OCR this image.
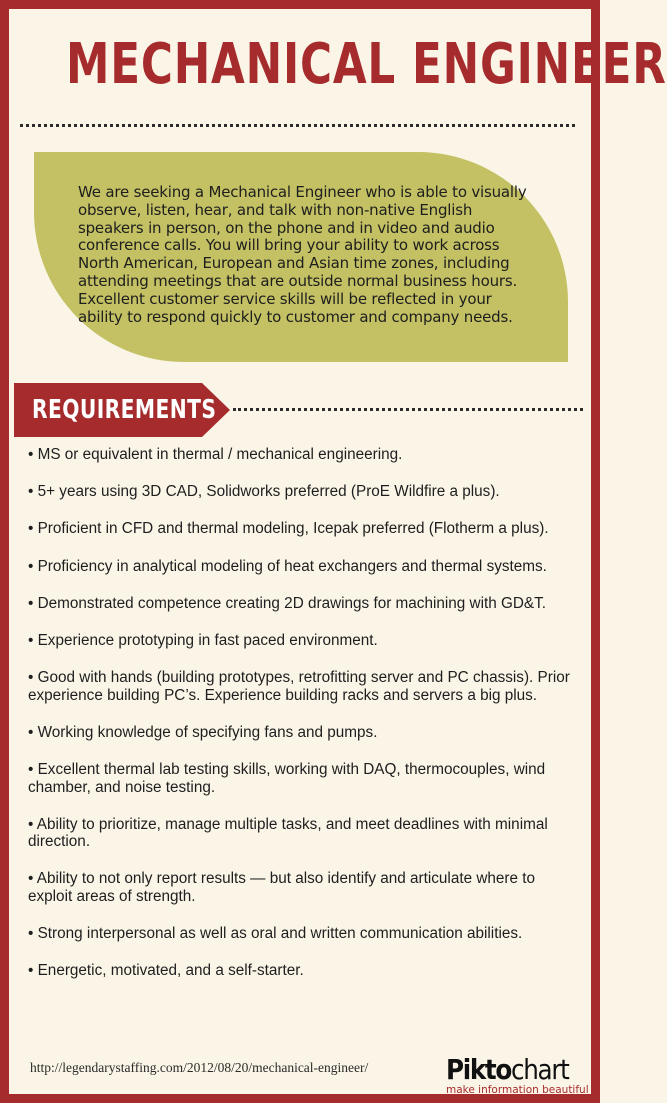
MECHANICAL ENGINEER
We are seeking a Mechanical Engineer who is able to visually observe, listen, hear, and talk with non-native English speakers in person, on the phone and in video and audio conference calls. You will bring your ability to work across North American, European and Asian time zones, including attending meetings that are outside normal business hours. Excellent customer service skills will be reflected in your ability to respond quickly to customer and company needs.
REQUIREMENTS
• MS or equivalent in thermal / mechanical engineering.
• 5+ years using 3D CAD, Solidworks preferred (ProE Wildfire a plus).
• Proficient in CFD and thermal modeling, Icepak preferred (Flotherm a plus).
• Proficiency in analytical modeling of heat exchangers and thermal systems.
• Demonstrated competence creating 2D drawings for machining with GD&T.
• Experience prototyping in fast paced environment.
• Good with hands (building prototypes, retrofitting server and PC chassis). Prior experience building PC’s. Experience building racks and servers a big plus.
• Working knowledge of specifying fans and pumps.
• Excellent thermal lab testing skills, working with DAQ, thermocouples, wind chamber, and noise testing.
• Ability to prioritize, manage multiple tasks, and meet deadlines with minimal direction.
• Ability to not only report results — but also identify and articulate where to exploit areas of strength.
• Strong interpersonal as well as oral and written communication abilities.
• Energetic, motivated, and a self-starter.
http://legendarystaffing.com/2012/08/20/mechanical-engineer/	Piktochart
make information beautiful
